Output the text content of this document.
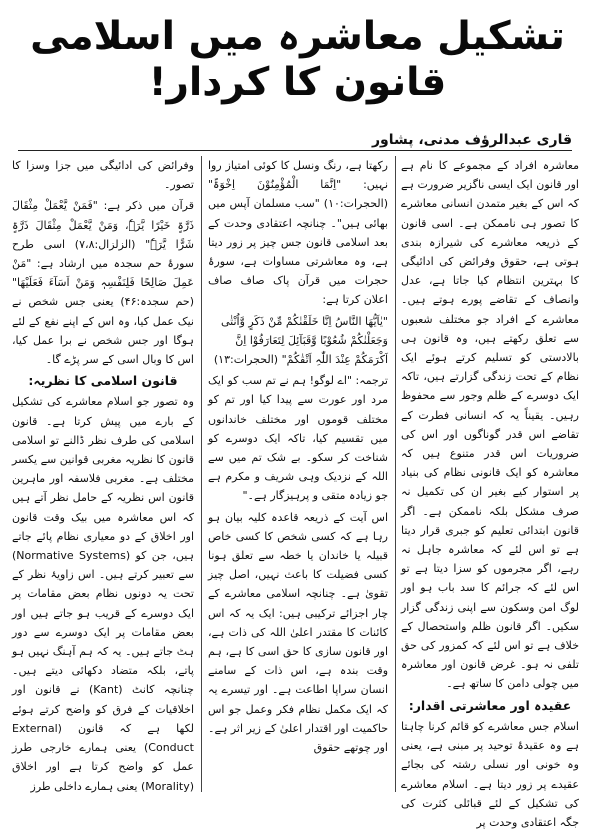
تشکیل معاشرہ میں اسلامی قانون کا کردار!
قاری عبدالرؤف مدنی، پشاور

معاشرہ افراد کے مجموعے کا نام ہے اور قانون ایک ایسی ناگزیر ضرورت ہے کہ اس کے بغیر متمدن انسانی معاشرے کا تصور ہی ناممکن ہے۔ اسی قانون کے ذریعہ معاشرے کی شیرازہ بندی ہوتی ہے، حقوق وفرائض کی ادائیگی کا بہترین انتظام کیا جاتا ہے، عدل وانصاف کے تقاضے پورے ہوتے ہیں۔ معاشرے کے افراد جو مختلف شعبوں سے تعلق رکھتے ہیں، وہ قانون ہی بالادستی کو تسلیم کرتے ہوئے ایک نظام کے تحت زندگی گزارتے ہیں، تاکہ ایک دوسرے کے ظلم وجور سے محفوظ رہیں۔ یقیناً یہ کہ انسانی فطرت کے تقاضے اس قدر گوناگوں اور اس کی ضروریات اس قدر متنوع ہیں کہ معاشرہ کو ایک قانونی نظام کی بنیاد پر استوار کیے بغیر ان کی تکمیل نہ صرف مشکل بلکہ ناممکن ہے۔ اگر قانون ابتدائی تعلیم کو جبری قرار دیتا ہے تو اس لئے کہ معاشرہ جاہل نہ رہے، اگر مجرموں کو سزا دیتا ہے تو اس لئے کہ جرائم کا سد باب ہو اور لوگ امن وسکون سے اپنی زندگی گزار سکیں۔ اگر قانون ظلم واستحصال کے خلاف ہے تو اس لئے کہ کمزور کی حق تلفی نہ ہو۔ غرض قانون اور معاشرہ میں چولی دامن کا ساتھ ہے۔

عقیدہ اور معاشرتی اقدار:

اسلام جس معاشرے کو قائم کرنا چاہتا ہے وہ عقیدۂ توحید پر مبنی ہے، یعنی وہ خونی اور نسلی رشتہ کی بجائے عقیدے پر زور دیتا ہے۔ اسلام معاشرے کی تشکیل کے لئے قبائلی کثرت کی جگہ اعتقادی وحدت پر

رکھتا ہے، رنگ ونسل کا کوئی امتیاز روا نہیں: "اِنَّمَا الْمُؤْمِنُوْنَ اِخْوَۃٌ" (الحجرات:۱۰) "سب مسلمان آپس میں بھائی ہیں"۔ چنانچہ اعتقادی وحدت کے بعد اسلامی قانون جس چیز پر زور دیتا ہے، وہ معاشرتی مساوات ہے، سورۂ حجرات میں قرآن پاک صاف صاف اعلان کرتا ہے:

"یٰاَیُّھَا النَّاسُ اِنَّا خَلَقْنٰکُمْ مِّنْ ذَکَرٍ وَّاُنْثٰی وَجَعَلْنٰکُمْ شُعُوْبًا وَّقَبَآئِلَ لِتَعَارَفُوْا اِنَّ اَکْرَمَکُمْ عِنْدَ اللّٰہِ اَتْقٰکُمْ" (الحجرات:۱۳)

ترجمہ: "اے لوگو! ہم نے تم سب کو ایک مرد اور عورت سے پیدا کیا اور تم کو مختلف قوموں اور مختلف خاندانوں میں تقسیم کیا، تاکہ ایک دوسرے کو شناخت کر سکو۔ بے شک تم میں سے اللہ کے نزدیک وہی شریف و مکرم ہے جو زیادہ متقی و پرہیزگار ہے۔"

اس آیت کے ذریعہ قاعدہ کلیہ بیان ہو رہا ہے کہ کسی شخص کا کسی خاص قبیلہ یا خاندان یا خطہ سے تعلق ہونا کسی فضیلت کا باعث نہیں، اصل چیز تقویٰ ہے۔ چنانچہ اسلامی معاشرے کے چار اجزائے ترکیبی ہیں: ایک یہ کہ اس کائنات کا مقتدر اعلیٰ اللہ کی ذات ہے، اور قانون سازی کا حق اسی کا ہے، ہم وقت بندہ ہے، اس ذات کے سامنے انسان سراپا اطاعت ہے۔ اور تیسرے یہ کہ ایک مکمل نظام فکر وعمل جو اس حاکمیت اور اقتدار اعلیٰ کے زیر اثر ہے۔ اور چوتھے حقوق

وفرائض کی ادائیگی میں جزا وسزا کا تصور۔

قرآن میں ذکر ہے: "فَمَنْ يَّعْمَلْ مِثْقَالَ ذَرَّۃٍ خَيْرًا يَّرَہٗ، وَمَنْ يَّعْمَلْ مِثْقَالَ ذَرَّۃٍ شَرًّا يَّرَہٗ" (الزلزال:۷،۸) اسی طرح سورۂ حم سجدہ میں ارشاد ہے: "مَنْ عَمِلَ صَالِحًا فَلِنَفْسِہٖ وَمَنْ اَسَآءَ فَعَلَيْھَا" (حم سجدہ:۴۶) یعنی جس شخص نے نیک عمل کیا، وہ اس کے اپنے نفع کے لئے ہوگا اور جس شخص نے برا عمل کیا، اس کا وبال اسی کے سر پڑے گا۔

قانون اسلامی کا نظریہ:

وہ تصور جو اسلام معاشرے کی تشکیل کے بارے میں پیش کرتا ہے۔ قانون اسلامی کی طرف نظر ڈالنے تو اسلامی قانون کا نظریہ مغربی قوانین سے یکسر مختلف ہے۔ مغربی فلاسفہ اور ماہرین قانون اس نظریہ کے حامل نظر آتے ہیں کہ اس معاشرہ میں بیک وقت قانون اور اخلاق کے دو معیاری نظام پائے جاتے ہیں، جن کو (Normative Systems) سے تعبیر کرتے ہیں۔ اس زاویۂ نظر کے تحت یہ دونوں نظام بعض مقامات پر ایک دوسرے کے قریب ہو جاتے ہیں اور بعض مقامات پر ایک دوسرے سے دور ہٹ جاتے ہیں۔ یہ کہ ہم آہنگ نہیں ہو پاتے، بلکہ متضاد دکھائی دیتے ہیں۔ چنانچہ کانٹ (Kant) نے قانون اور اخلاقیات کے فرق کو واضح کرتے ہوئے لکھا ہے کہ قانون (External Conduct) یعنی ہمارے خارجی طرز عمل کو واضح کرتا ہے اور اخلاق (Morality) یعنی ہمارے داخلی طرز
